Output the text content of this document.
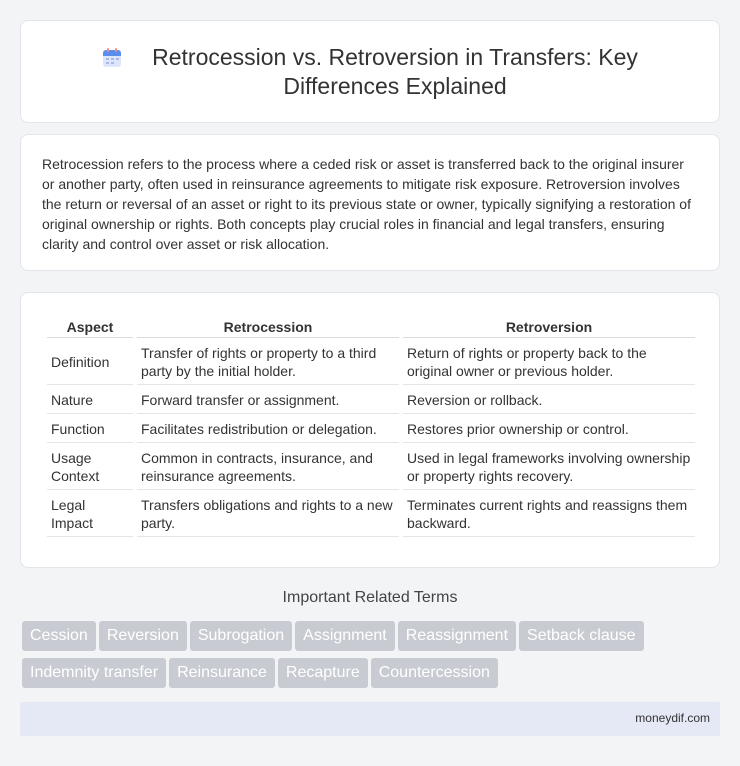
Retrocession vs. Retroversion in Transfers: Key Differences Explained

Retrocession refers to the process where a ceded risk or asset is transferred back to the original insurer or another party, often used in reinsurance agreements to mitigate risk exposure. Retroversion involves the return or reversal of an asset or right to its previous state or owner, typically signifying a restoration of original ownership or rights. Both concepts play crucial roles in financial and legal transfers, ensuring clarity and control over asset or risk allocation.

Aspect	Retrocession	Retroversion
Definition	Transfer of rights or property to a third party by the initial holder.	Return of rights or property back to the original owner or previous holder.
Nature	Forward transfer or assignment.	Reversion or rollback.
Function	Facilitates redistribution or delegation.	Restores prior ownership or control.
Usage Context	Common in contracts, insurance, and reinsurance agreements.	Used in legal frameworks involving ownership or property rights recovery.
Legal Impact	Transfers obligations and rights to a new party.	Terminates current rights and reassigns them backward.
Important Related Terms
Cession Reversion Subrogation Assignment Reassignment Setback clause
Indemnity transfer Reinsurance Recapture Countercession
moneydif.com
